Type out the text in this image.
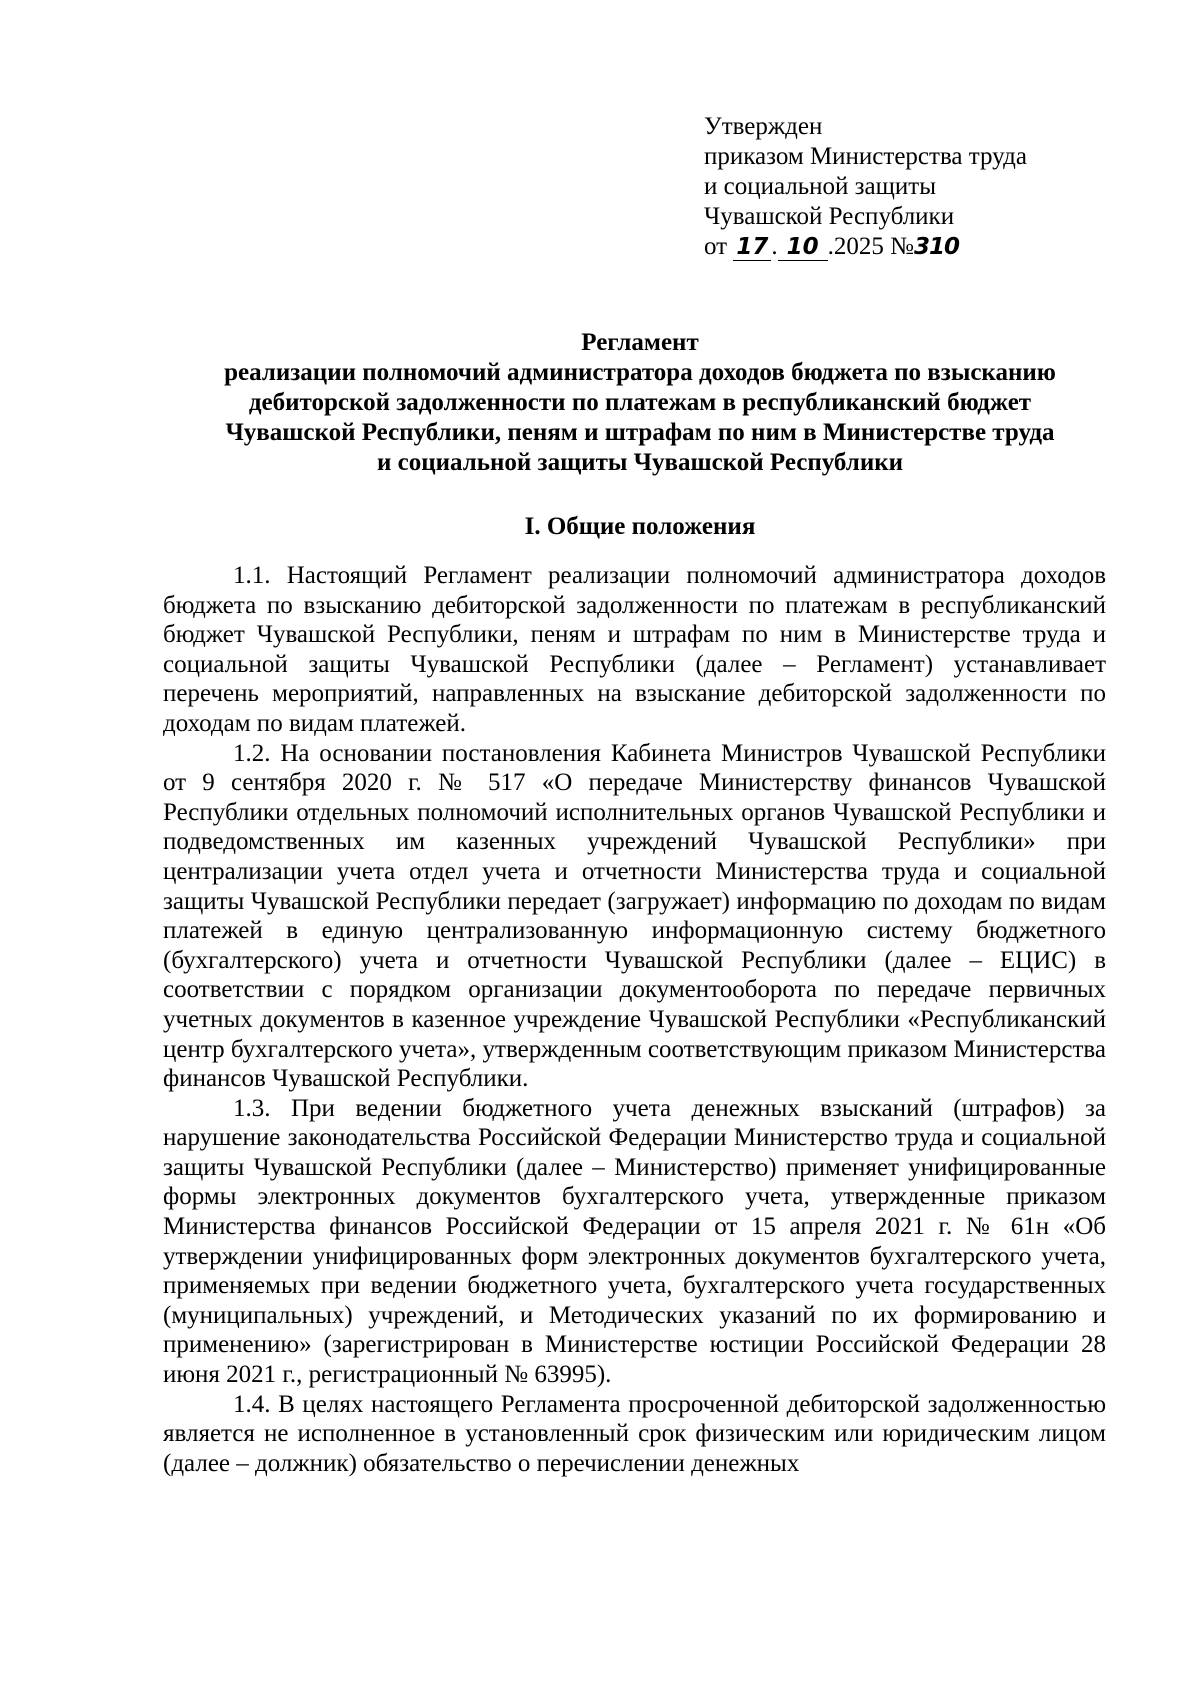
Утвержден
приказом Министерства труда
и социальной защиты
Чувашской Республики
от 17 . 10 .2025 №310
Регламент
реализации полномочий администратора доходов бюджета по взысканию
дебиторской задолженности по платежам в республиканский бюджет
Чувашской Республики, пеням и штрафам по ним в Министерстве труда
и социальной защиты Чувашской Республики
I. Общие положения

1.1. Настоящий Регламент реализации полномочий администратора доходов бюджета по взысканию дебиторской задолженности по платежам в республиканский бюджет Чувашской Республики, пеням и штрафам по ним в Министерстве труда и социальной защиты Чувашской Республики (далее – Регламент) устанавливает перечень мероприятий, направленных на взыскание дебиторской задолженности по доходам по видам платежей.

1.2. На основании постановления Кабинета Министров Чувашской Республики от 9 сентября 2020 г. № 517 «О передаче Министерству финансов Чувашской Республики отдельных полномочий исполнительных органов Чувашской Республики и подведомственных им казенных учреждений Чувашской Республики» при централизации учета отдел учета и отчетности Министерства труда и социальной защиты Чувашской Республики передает (загружает) информацию по доходам по видам платежей в единую централизованную информационную систему бюджетного (бухгалтерского) учета и отчетности Чувашской Республики (далее – ЕЦИС) в соответствии с порядком организации документооборота по передаче первичных учетных документов в казенное учреждение Чувашской Республики «Республиканский центр бухгалтерского учета», утвержденным соответствующим приказом Министерства финансов Чувашской Республики.

1.3. При ведении бюджетного учета денежных взысканий (штрафов) за нарушение законодательства Российской Федерации Министерство труда и социальной защиты Чувашской Республики (далее – Министерство) применяет унифицированные формы электронных документов бухгалтерского учета, утвержденные приказом Министерства финансов Российской Федерации от 15 апреля 2021 г. № 61н «Об утверждении унифицированных форм электронных документов бухгалтерского учета, применяемых при ведении бюджетного учета, бухгалтерского учета государственных (муниципальных) учреждений, и Методических указаний по их формированию и применению» (зарегистрирован в Министерстве юстиции Российской Федерации 28 июня 2021 г., регистрационный № 63995).

1.4. В целях настоящего Регламента просроченной дебиторской задолженностью является не исполненное в установленный срок физическим или юридическим лицом (далее – должник) обязательство о перечислении денежных
